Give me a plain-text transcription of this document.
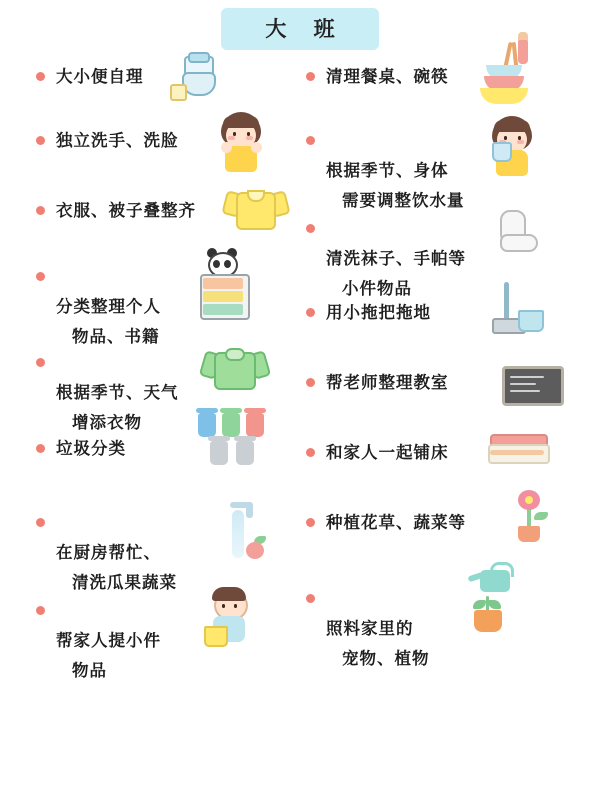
大 班
大小便自理
独立洗手、洗脸
衣服、被子叠整齐

分类整理个人

物品、书籍

根据季节、天气

增添衣物

垃圾分类

在厨房帮忙、

清洗瓜果蔬菜

帮家人提小件

物品

清理餐桌、碗筷

根据季节、身体

需要调整饮水量

清洗袜子、手帕等

小件物品

用小拖把拖地
帮老师整理教室
和家人一起铺床
种植花草、蔬菜等

照料家里的

宠物、植物
